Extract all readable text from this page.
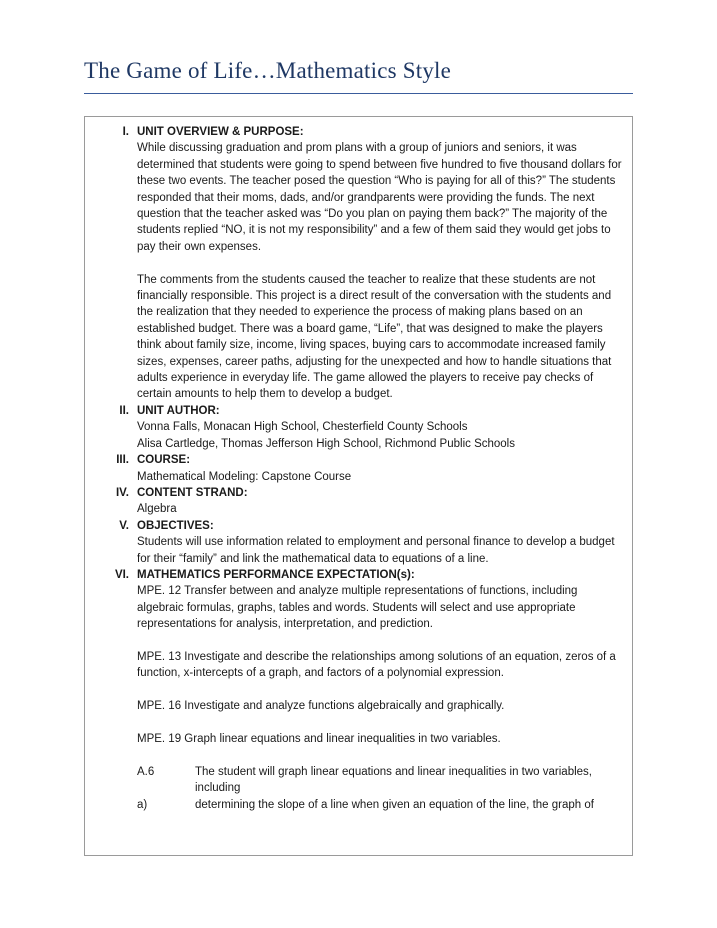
The Game of Life…Mathematics Style
I. UNIT OVERVIEW & PURPOSE:
While discussing graduation and prom plans with a group of juniors and seniors, it was determined that students were going to spend between five hundred to five thousand dollars for these two events. The teacher posed the question “Who is paying for all of this?” The students responded that their moms, dads, and/or grandparents were providing the funds. The next question that the teacher asked was “Do you plan on paying them back?” The majority of the students replied “NO, it is not my responsibility” and a few of them said they would get jobs to pay their own expenses.
The comments from the students caused the teacher to realize that these students are not financially responsible. This project is a direct result of the conversation with the students and the realization that they needed to experience the process of making plans based on an established budget. There was a board game, “Life”, that was designed to make the players think about family size, income, living spaces, buying cars to accommodate increased family sizes, expenses, career paths, adjusting for the unexpected and how to handle situations that adults experience in everyday life. The game allowed the players to receive pay checks of certain amounts to help them to develop a budget.
II. UNIT AUTHOR:
Vonna Falls, Monacan High School, Chesterfield County Schools
Alisa Cartledge, Thomas Jefferson High School, Richmond Public Schools
III. COURSE:
Mathematical Modeling: Capstone Course
IV. CONTENT STRAND:
Algebra
V. OBJECTIVES:
Students will use information related to employment and personal finance to develop a budget for their “family” and link the mathematical data to equations of a line.
VI. MATHEMATICS PERFORMANCE EXPECTATION(s):
MPE. 12 Transfer between and analyze multiple representations of functions, including algebraic formulas, graphs, tables and words. Students will select and use appropriate representations for analysis, interpretation, and prediction.
MPE. 13 Investigate and describe the relationships among solutions of an equation, zeros of a function, x-intercepts of a graph, and factors of a polynomial expression.
MPE. 16 Investigate and analyze functions algebraically and graphically.
MPE. 19 Graph linear equations and linear inequalities in two variables.
A.6	The student will graph linear equations and linear inequalities in two variables, including
a)	determining the slope of a line when given an equation of the line, the graph of
